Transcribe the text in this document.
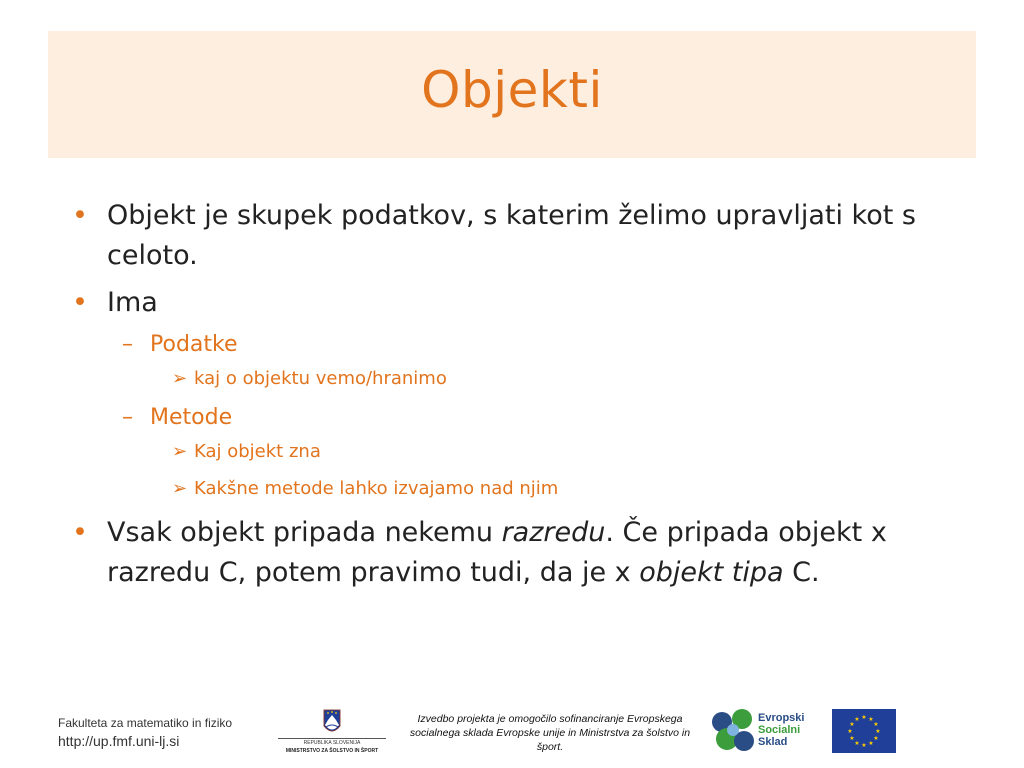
Objekti
• Objekt je skupek podatkov, s katerim želimo upravljati kot s celoto.
• Ima
– Podatke
➢ kaj o objektu vemo/hranimo
– Metode
➢ Kaj objekt zna
➢ Kakšne metode lahko izvajamo nad njim
• Vsak objekt pripada nekemu razredu. Če pripada objekt x razredu C, potem pravimo tudi, da je x objekt tipa C.
Fakulteta za matematiko in fiziko
http://up.fmf.uni-lj.si	REPUBLIKA SLOVENIJA
MINISTRSTVO ZA ŠOLSTVO IN ŠPORT
Izvedbo projekta je omogočilo sofinanciranje Evropskega socialnega sklada Evropske unije in Ministrstva za šolstvo in šport.
Evropski
Socialni
Sklad
★ ★
★
★
★
★
★
★
★
★
★
★
